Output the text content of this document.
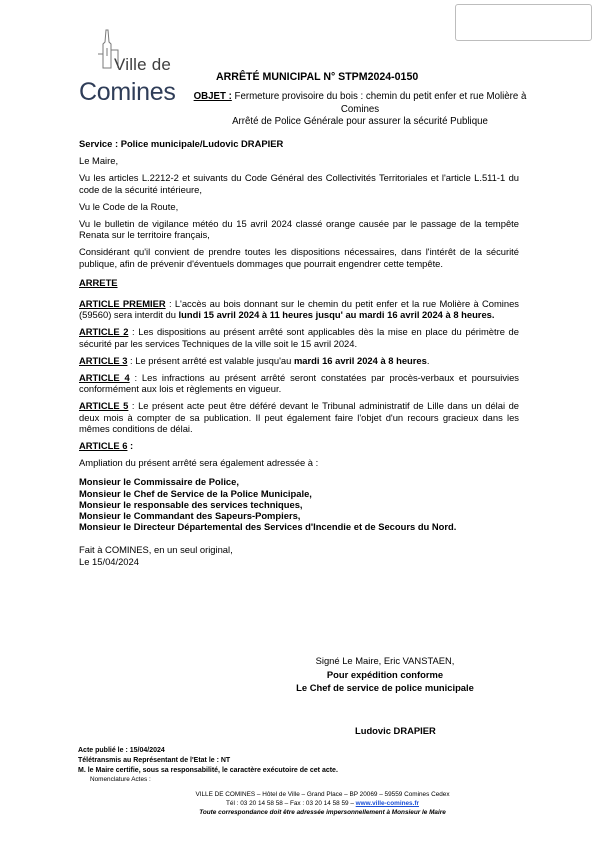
Ville de
Comines
ARRÊTÉ MUNICIPAL N° STPM2024-0150
OBJET : Fermeture provisoire du bois : chemin du petit enfer et rue Molière à Comines
Arrêté de Police Générale pour assurer la sécurité Publique

Service : Police municipale/Ludovic DRAPIER

Le Maire,

Vu les articles L.2212-2 et suivants du Code Général des Collectivités Territoriales et l'article L.511-1 du code de la sécurité intérieure,

Vu le Code de la Route,

Vu le bulletin de vigilance météo du 15 avril 2024 classé orange causée par le passage de la tempête Renata sur le territoire français,

Considérant qu'il convient de prendre toutes les dispositions nécessaires, dans l'intérêt de la sécurité publique, afin de prévenir d'éventuels dommages que pourrait engendrer cette tempête.

ARRETE

ARTICLE PREMIER : L'accès au bois donnant sur le chemin du petit enfer et la rue Molière à Comines (59560) sera interdit du lundi 15 avril 2024 à 11 heures jusqu' au mardi 16 avril 2024 à 8 heures.

ARTICLE 2 : Les dispositions au présent arrêté sont applicables dès la mise en place du périmètre de sécurité par les services Techniques de la ville soit le 15 avril 2024.

ARTICLE 3 : Le présent arrêté est valable jusqu'au mardi 16 avril 2024 à 8 heures.

ARTICLE 4 : Les infractions au présent arrêté seront constatées par procès-verbaux et poursuivies conformément aux lois et règlements en vigueur.

ARTICLE 5 : Le présent acte peut être déféré devant le Tribunal administratif de Lille dans un délai de deux mois à compter de sa publication. Il peut également faire l'objet d'un recours gracieux dans les mêmes conditions de délai.

ARTICLE 6 :

Ampliation du présent arrêté sera également adressée à :

Monsieur le Commissaire de Police,
Monsieur le Chef de Service de la Police Municipale,
Monsieur le responsable des services techniques,
Monsieur le Commandant des Sapeurs-Pompiers,
Monsieur le Directeur Départemental des Services d'Incendie et de Secours du Nord.
Fait à COMINES, en un seul original,
Le 15/04/2024
Signé Le Maire, Eric VANSTAEN,
Pour expédition conforme
Le Chef de service de police municipale
Ludovic DRAPIER
Acte publié le : 15/04/2024
Télétransmis au Représentant de l'Etat le : NT
M. le Maire certifie, sous sa responsabilité, le caractère exécutoire de cet acte.
Nomenclature Actes :
VILLE DE COMINES – Hôtel de Ville – Grand Place – BP 20069 – 59559 Comines Cedex
Tél : 03 20 14 58 58 – Fax : 03 20 14 58 59 – www.ville-comines.fr
Toute correspondance doit être adressée impersonnellement à Monsieur le Maire
